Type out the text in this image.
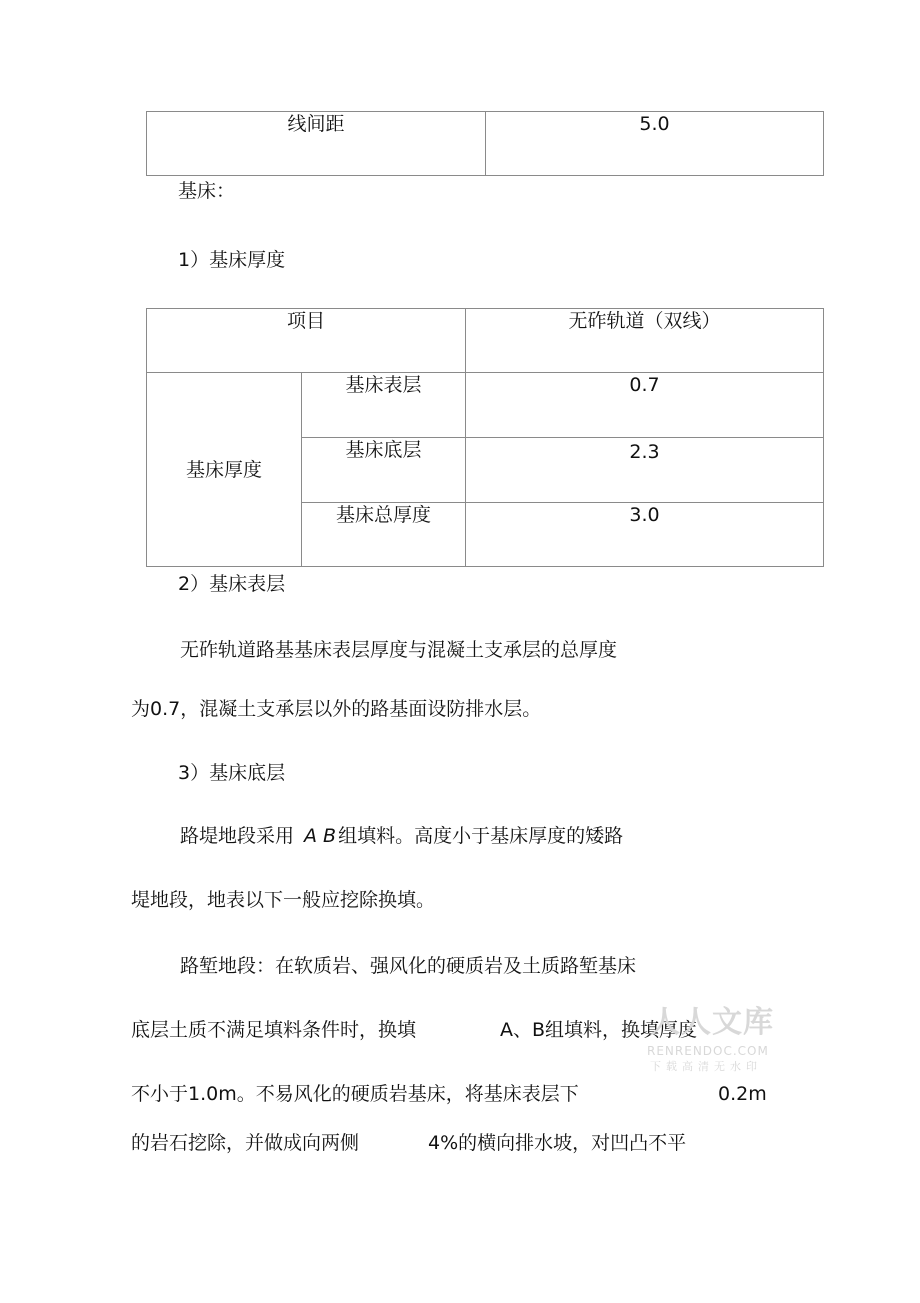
线间距	5.0
基床：
1）基床厚度
项目		无砟轨道（双线）
基床厚度	基床表层	0.7
	基床底层	2.3
	基床总厚度	3.0
2）基床表层
无砟轨道路基基床表层厚度与混凝土支承层的总厚度
为0.7，混凝土支承层以外的路基面设防排水层。
3）基床底层
路堤地段采用 A B 组填料。高度小于基床厚度的矮路
堤地段，地表以下一般应挖除换填。
路堑地段：在软质岩、强风化的硬质岩及土质路堑基床
底层土质不满足填料条件时，换填	A、B组填料，换填厚度
不小于1.0m。不易风化的硬质岩基床，将基床表层下	0.2m
的岩石挖除，并做成向两侧	4%的横向排水坡，对凹凸不平
人人文库
RENRENDOC.COM
下载高清无水印
